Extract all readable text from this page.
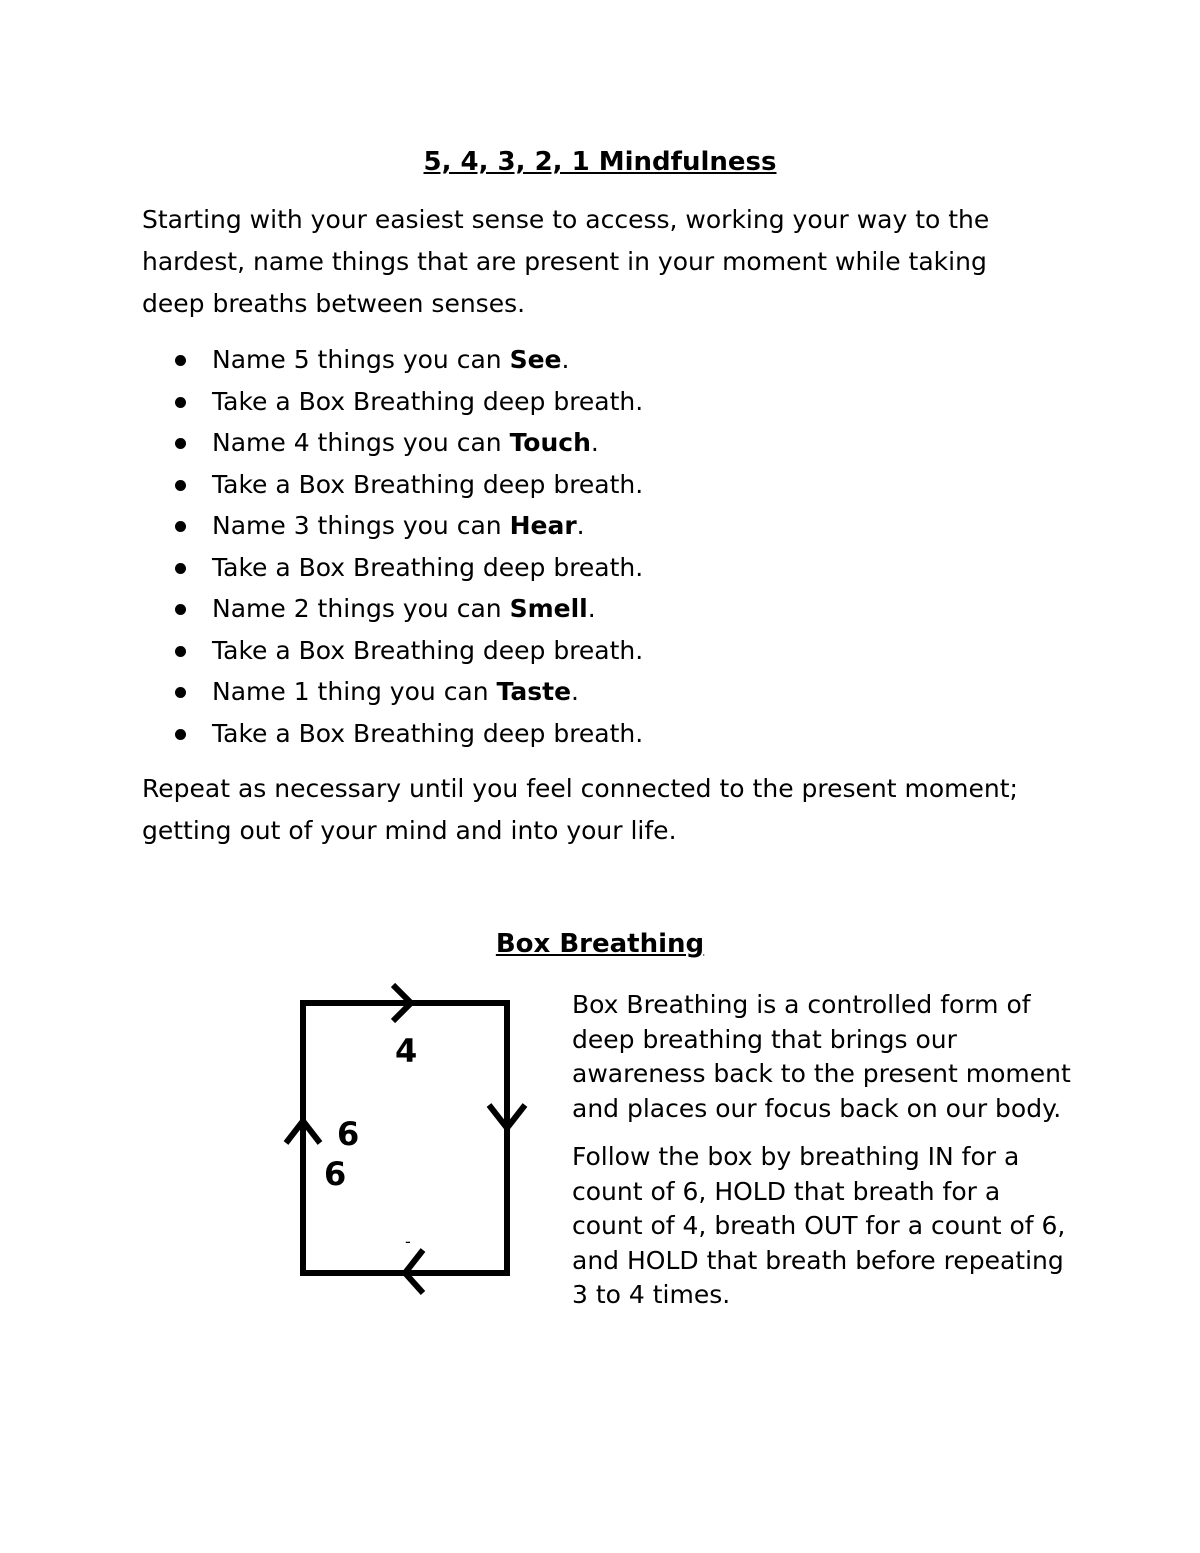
5, 4, 3, 2, 1 Mindfulness

Starting with your easiest sense to access, working your way to the hardest, name things that are present in your moment while taking deep breaths between senses.

Name 5 things you can See.
Take a Box Breathing deep breath.
Name 4 things you can Touch.
Take a Box Breathing deep breath.
Name 3 things you can Hear.
Take a Box Breathing deep breath.
Name 2 things you can Smell.
Take a Box Breathing deep breath.
Name 1 thing you can Taste.
Take a Box Breathing deep breath.

Repeat as necessary until you feel connected to the present moment; getting out of your mind and into your life.

Box Breathing
4
6
6
-

Box Breathing is a controlled form of deep breathing that brings our awareness back to the present moment and places our focus back on our body.

Follow the box by breathing IN for a count of 6, HOLD that breath for a count of 4, breath OUT for a count of 6, and HOLD that breath before repeating 3 to 4 times.
